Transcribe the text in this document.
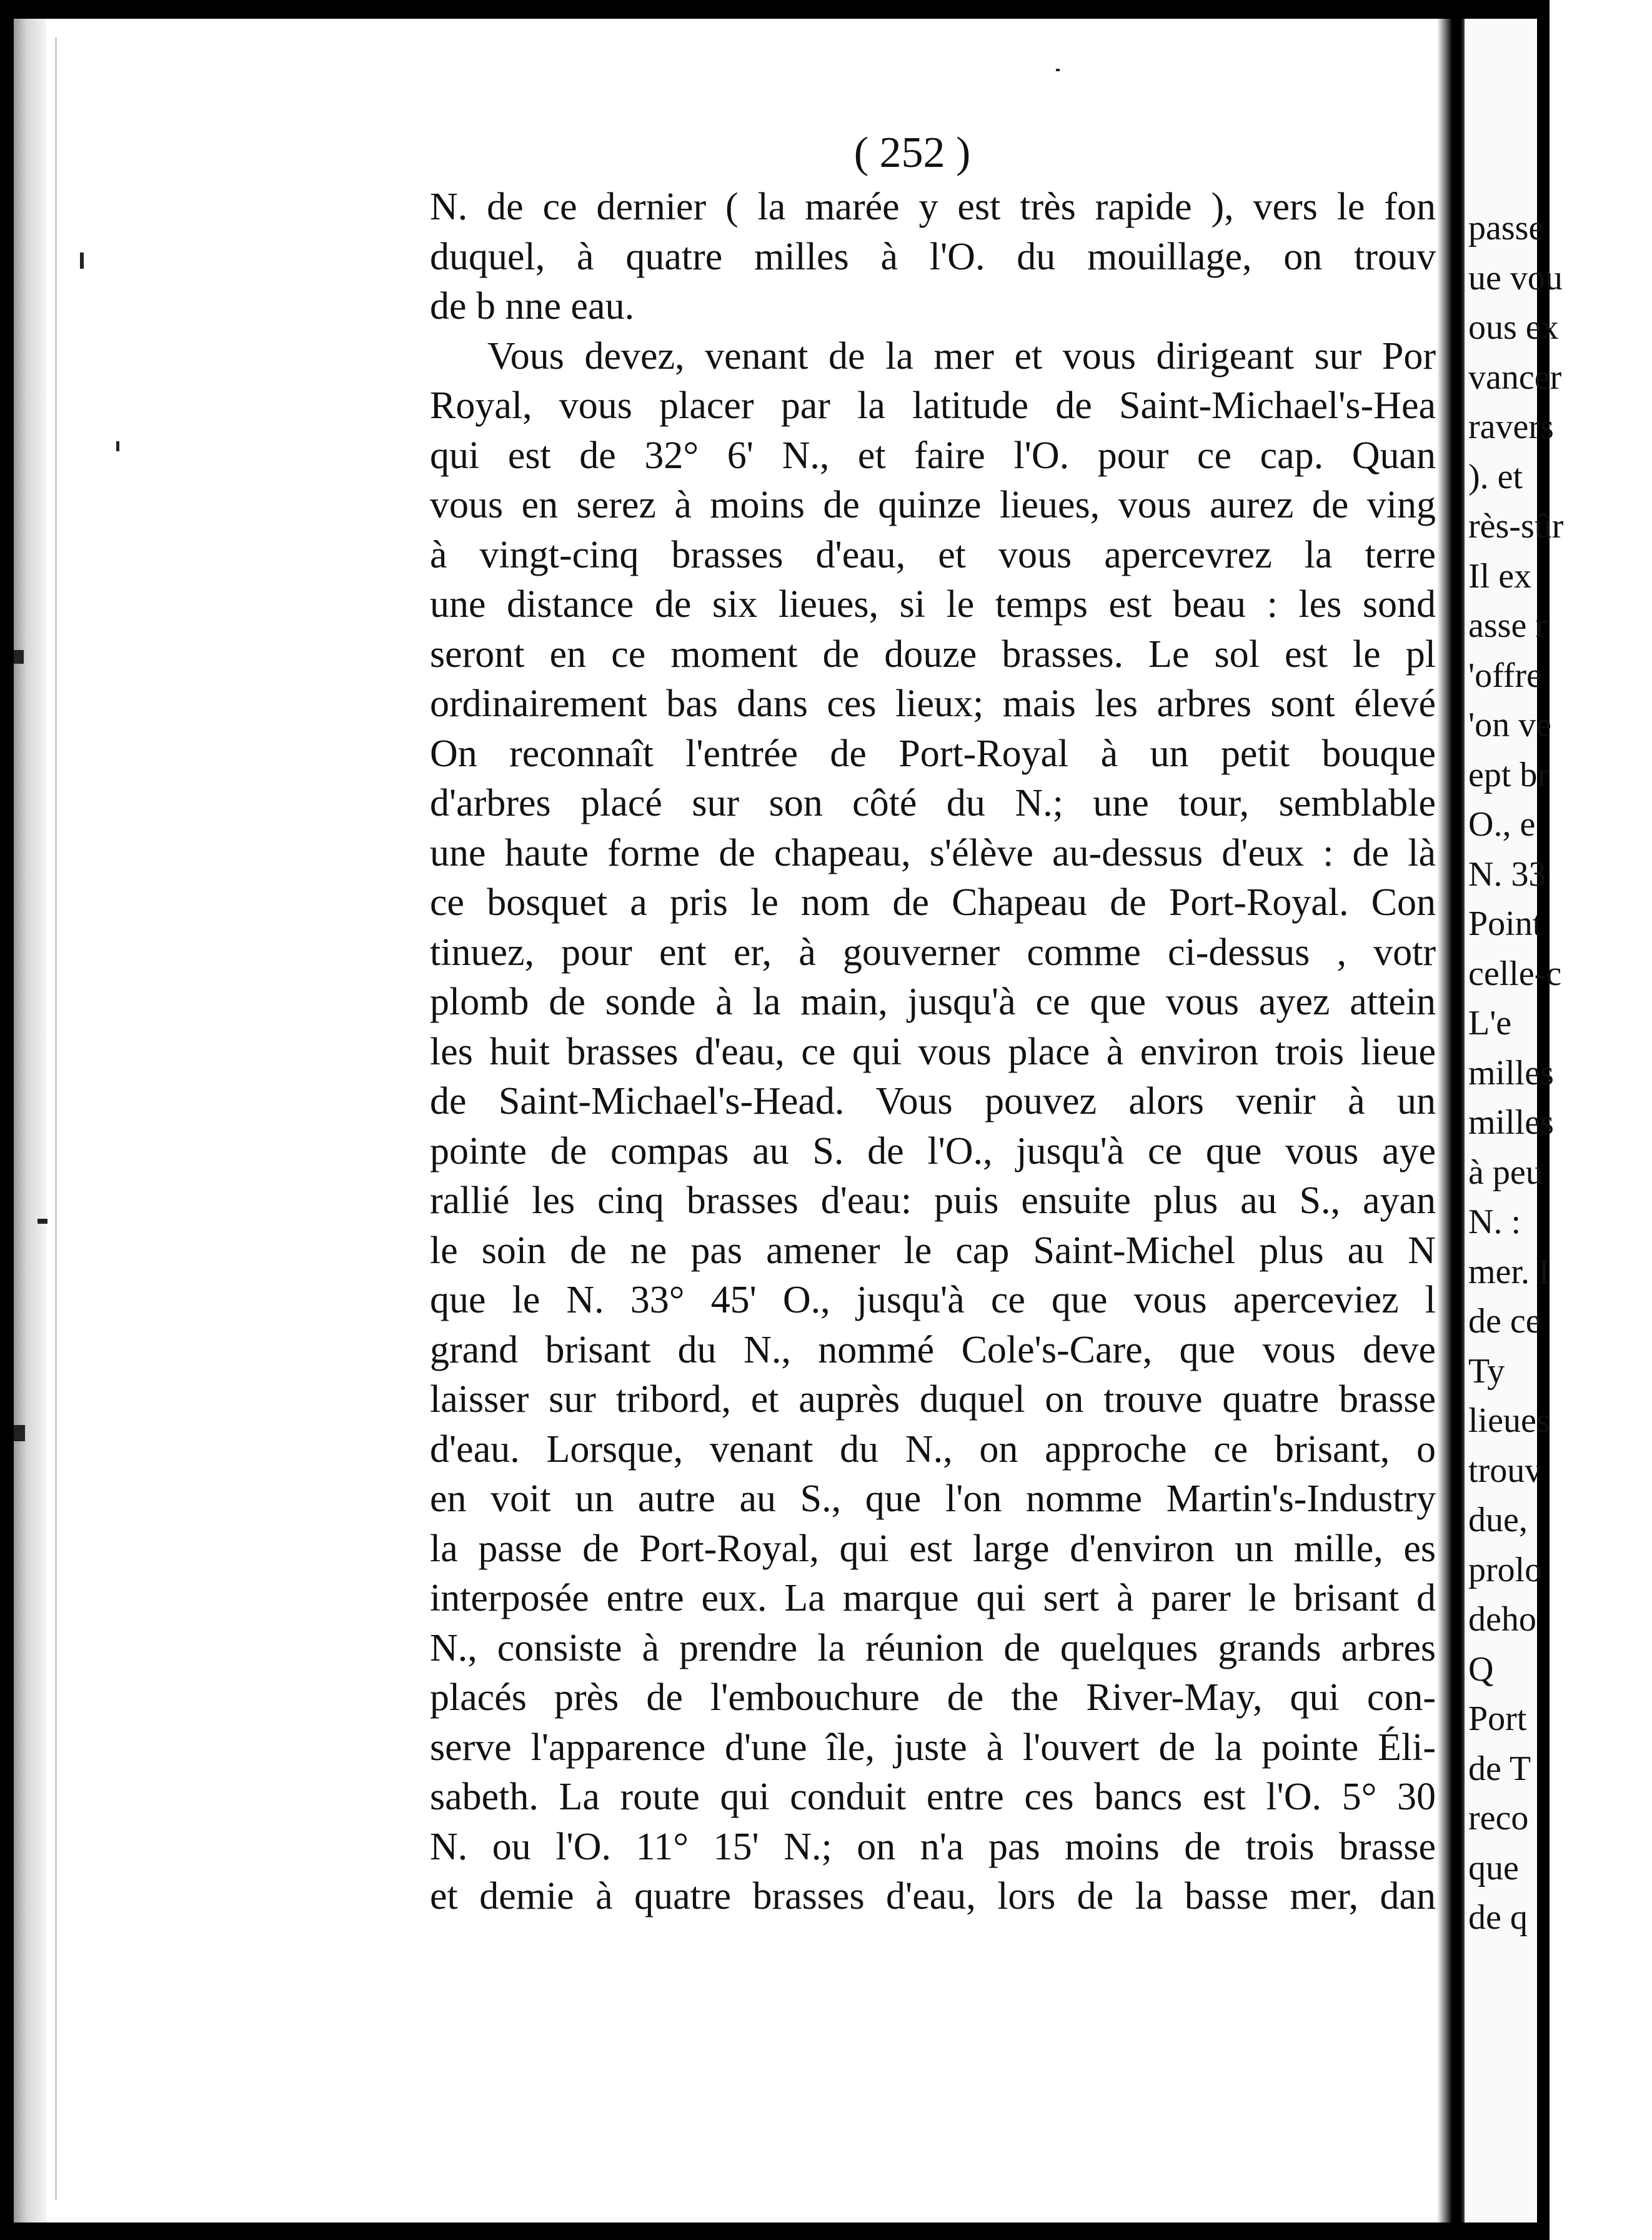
( 252 )
N. de ce dernier ( la marée y est très rapide ), vers le fon
duquel, à quatre milles à l'O. du mouillage, on trouv
de b nne eau.
Vous devez, venant de la mer et vous dirigeant sur Por
Royal, vous placer par la latitude de Saint-Michael's-Hea
qui est de 32° 6' N., et faire l'O. pour ce cap. Quan
vous en serez à moins de quinze lieues, vous aurez de ving
à vingt-cinq brasses d'eau, et vous apercevrez la terre
une distance de six lieues, si le temps est beau : les sond
seront en ce moment de douze brasses. Le sol est le pl
ordinairement bas dans ces lieux; mais les arbres sont élevé
On reconnaît l'entrée de Port-Royal à un petit bouque
d'arbres placé sur son côté du N.; une tour, semblable
une haute forme de chapeau, s'élève au-dessus d'eux : de là
ce bosquet a pris le nom de Chapeau de Port-Royal. Con
tinuez, pour ent er, à gouverner comme ci-dessus , votr
plomb de sonde à la main, jusqu'à ce que vous ayez attein
les huit brasses d'eau, ce qui vous place à environ trois lieue
de Saint-Michael's-Head. Vous pouvez alors venir à un
pointe de compas au S. de l'O., jusqu'à ce que vous aye
rallié les cinq brasses d'eau: puis ensuite plus au S., ayan
le soin de ne pas amener le cap Saint-Michel plus au N
que le N. 33° 45' O., jusqu'à ce que vous aperceviez l
grand brisant du N., nommé Cole's-Care, que vous deve
laisser sur tribord, et auprès duquel on trouve quatre brasse
d'eau. Lorsque, venant du N., on approche ce brisant, o
en voit un autre au S., que l'on nomme Martin's-Industry
la passe de Port-Royal, qui est large d'environ un mille, es
interposée entre eux. La marque qui sert à parer le brisant d
N., consiste à prendre la réunion de quelques grands arbres
placés près de l'embouchure de the River-May, qui con-
serve l'apparence d'une île, juste à l'ouvert de la pointe Éli-
sabeth. La route qui conduit entre ces bancs est l'O. 5° 30
N. ou l'O. 11° 15' N.; on n'a pas moins de trois brasse
et demie à quatre brasses d'eau, lors de la basse mer, dan
passe
ue vou
ous ex
vancer
ravers
). et
rès-sûr
Il ex
asse r
'offre
'on ve
ept br
O., e
N. 33
Point
celle-c
L'e
milles
milles
à peu
N. :
mer. I
de ce
Ty
lieues
trouv
due,
prolo
deho
Q
Port
de T
reco
que
de q
